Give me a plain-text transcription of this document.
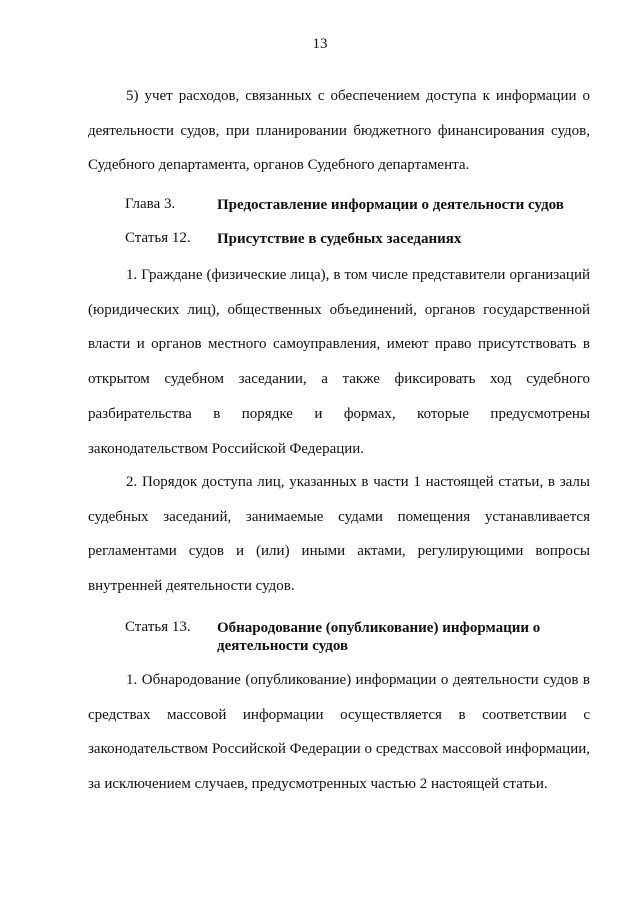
13

5) учет расходов, связанных с обеспечением доступа к информации о деятельности судов, при планировании бюджетного финансирования судов, Судебного департамента, органов Судебного департамента.

Глава 3.	Предоставление информации о деятельности судов
Статья 12. Присутствие в судебных заседаниях

1. Граждане (физические лица), в том числе представители организаций (юридических лиц), общественных объединений, органов государственной власти и органов местного самоуправления, имеют право присутствовать в открытом судебном заседании, а также фиксировать ход судебного разбирательства в порядке и формах, которые предусмотрены законодательством Российской Федерации.

2. Порядок доступа лиц, указанных в части 1 настоящей статьи, в залы судебных заседаний, занимаемые судами помещения устанавливается регламентами судов и (или) иными актами, регулирующими вопросы внутренней деятельности судов.

Статья 13. Обнародование (опубликование) информации о деятельности судов

1. Обнародование (опубликование) информации о деятельности судов в средствах массовой информации осуществляется в соответствии с законодательством Российской Федерации о средствах массовой информации, за исключением случаев, предусмотренных частью 2 настоящей статьи.
